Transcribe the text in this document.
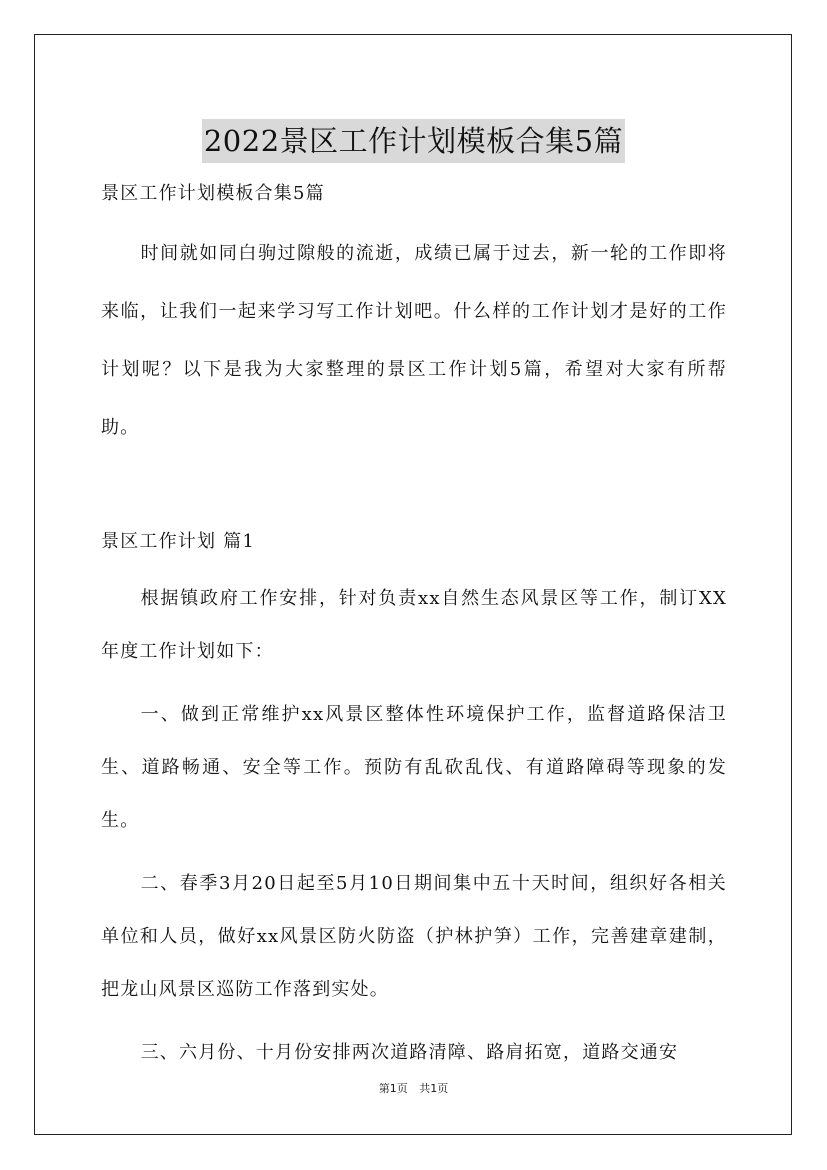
2022景区工作计划模板合集5篇

景区工作计划模板合集5篇

时间就如同白驹过隙般的流逝，成绩已属于过去，新一轮的工作即将来临，让我们一起来学习写工作计划吧。什么样的工作计划才是好的工作计划呢？以下是我为大家整理的景区工作计划5篇，希望对大家有所帮助。

景区工作计划 篇1

根据镇政府工作安排，针对负责xx自然生态风景区等工作，制订XX年度工作计划如下：

一、做到正常维护xx风景区整体性环境保护工作，监督道路保洁卫生、道路畅通、安全等工作。预防有乱砍乱伐、有道路障碍等现象的发生。

二、春季3月20日起至5月10日期间集中五十天时间，组织好各相关单位和人员，做好xx风景区防火防盗（护林护笋）工作，完善建章建制，把龙山风景区巡防工作落到实处。

三、六月份、十月份安排两次道路清障、路肩拓宽，道路交通安

第1页 共1页
